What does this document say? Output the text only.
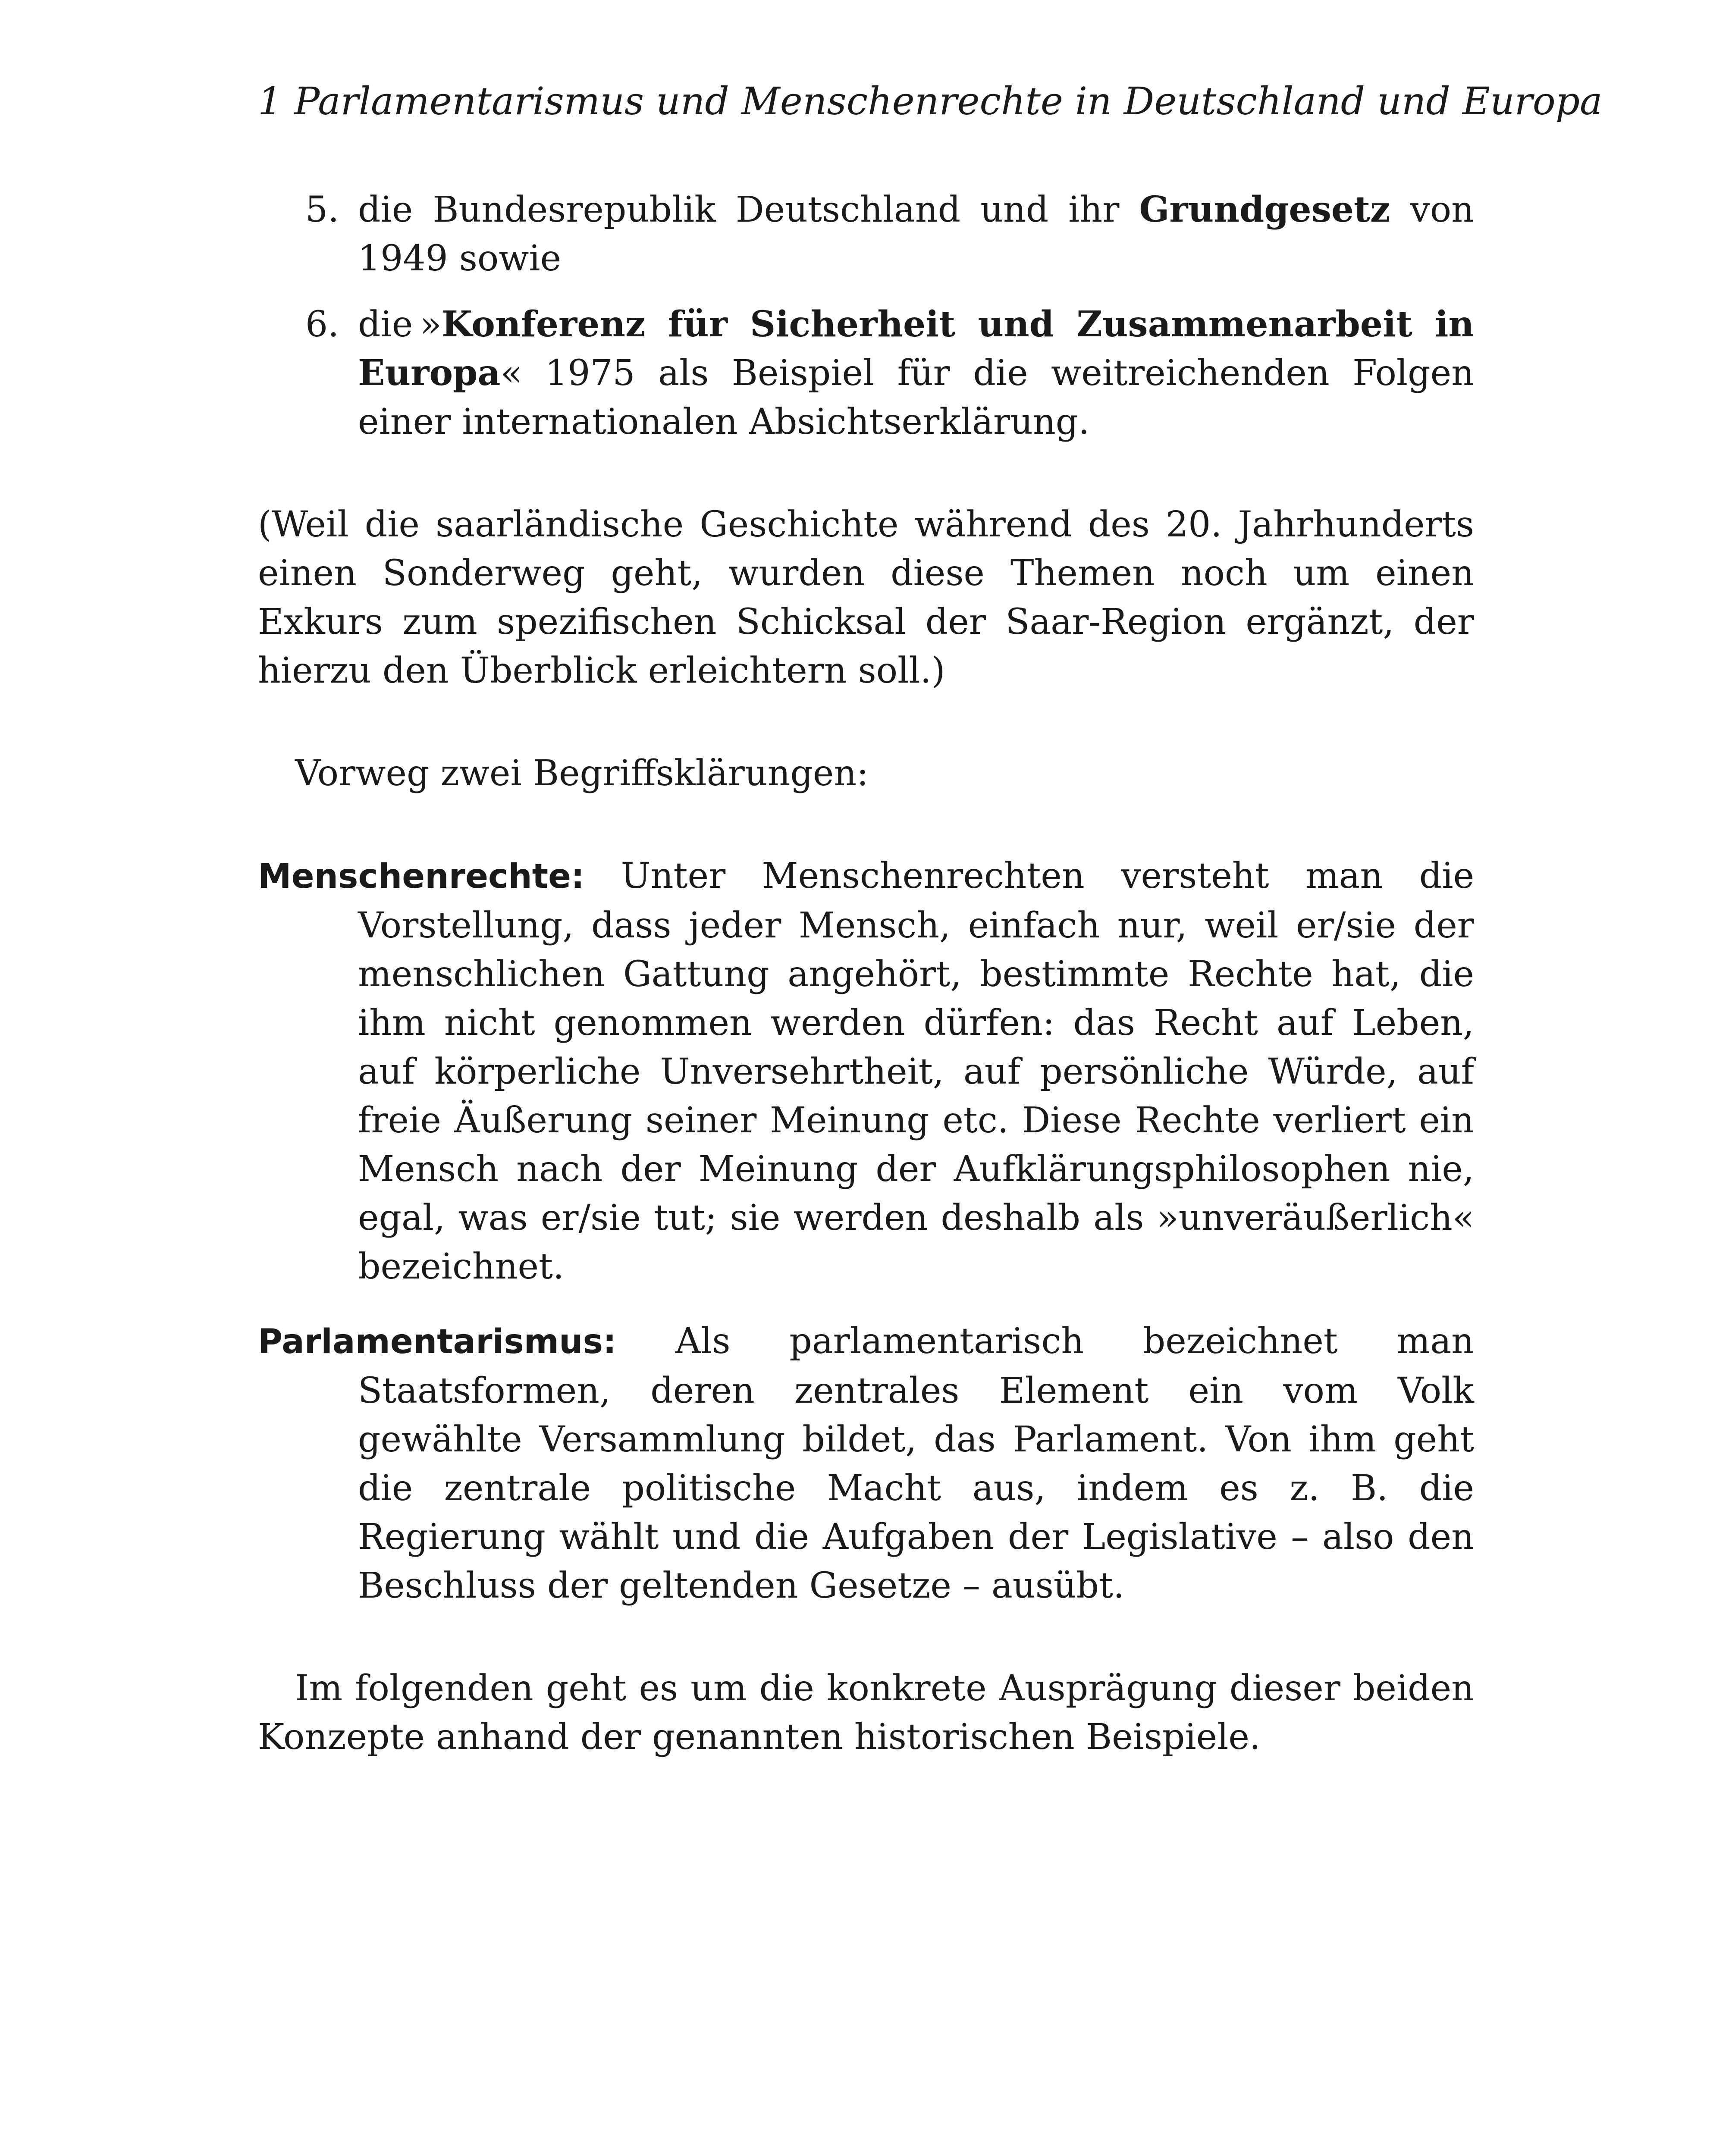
1 Parlamentarismus und Menschenrechte in Deutschland und Europa
5. die Bundesrepublik Deutschland und ihr Grundgesetz von 1949 sowie
6. die »Konferenz für Sicherheit und Zusammenarbeit in Europa« 1975 als Beispiel für die weitreichenden Folgen einer internationalen Absichtserklärung.

(Weil die saarländische Geschichte während des 20. Jahrhunderts einen Sonderweg geht, wurden diese Themen noch um einen Exkurs zum spezifischen Schicksal der Saar-Region ergänzt, der hierzu den Überblick erleichtern soll.)

Vorweg zwei Begriffsklärungen:

Menschenrechte: Unter Menschenrechten versteht man die Vorstellung, dass jeder Mensch, einfach nur, weil er/sie der menschlichen Gattung angehört, bestimmte Rechte hat, die ihm nicht genommen werden dürfen: das Recht auf Leben, auf körperliche Unversehrtheit, auf persönliche Würde, auf freie Äußerung seiner Meinung etc. Diese Rechte verliert ein Mensch nach der Meinung der Aufklärungsphilosophen nie, egal, was er/sie tut; sie werden deshalb als »unveräußerlich« bezeichnet.

Parlamentarismus: Als parlamentarisch bezeichnet man Staatsformen, deren zentrales Element ein vom Volk gewählte Versammlung bildet, das Parlament. Von ihm geht die zentrale politische Macht aus, indem es z. B. die Regierung wählt und die Aufgaben der Legislative – also den Beschluss der geltenden Gesetze – ausübt.

Im folgenden geht es um die konkrete Ausprägung dieser beiden Konzepte anhand der genannten historischen Beispiele.
